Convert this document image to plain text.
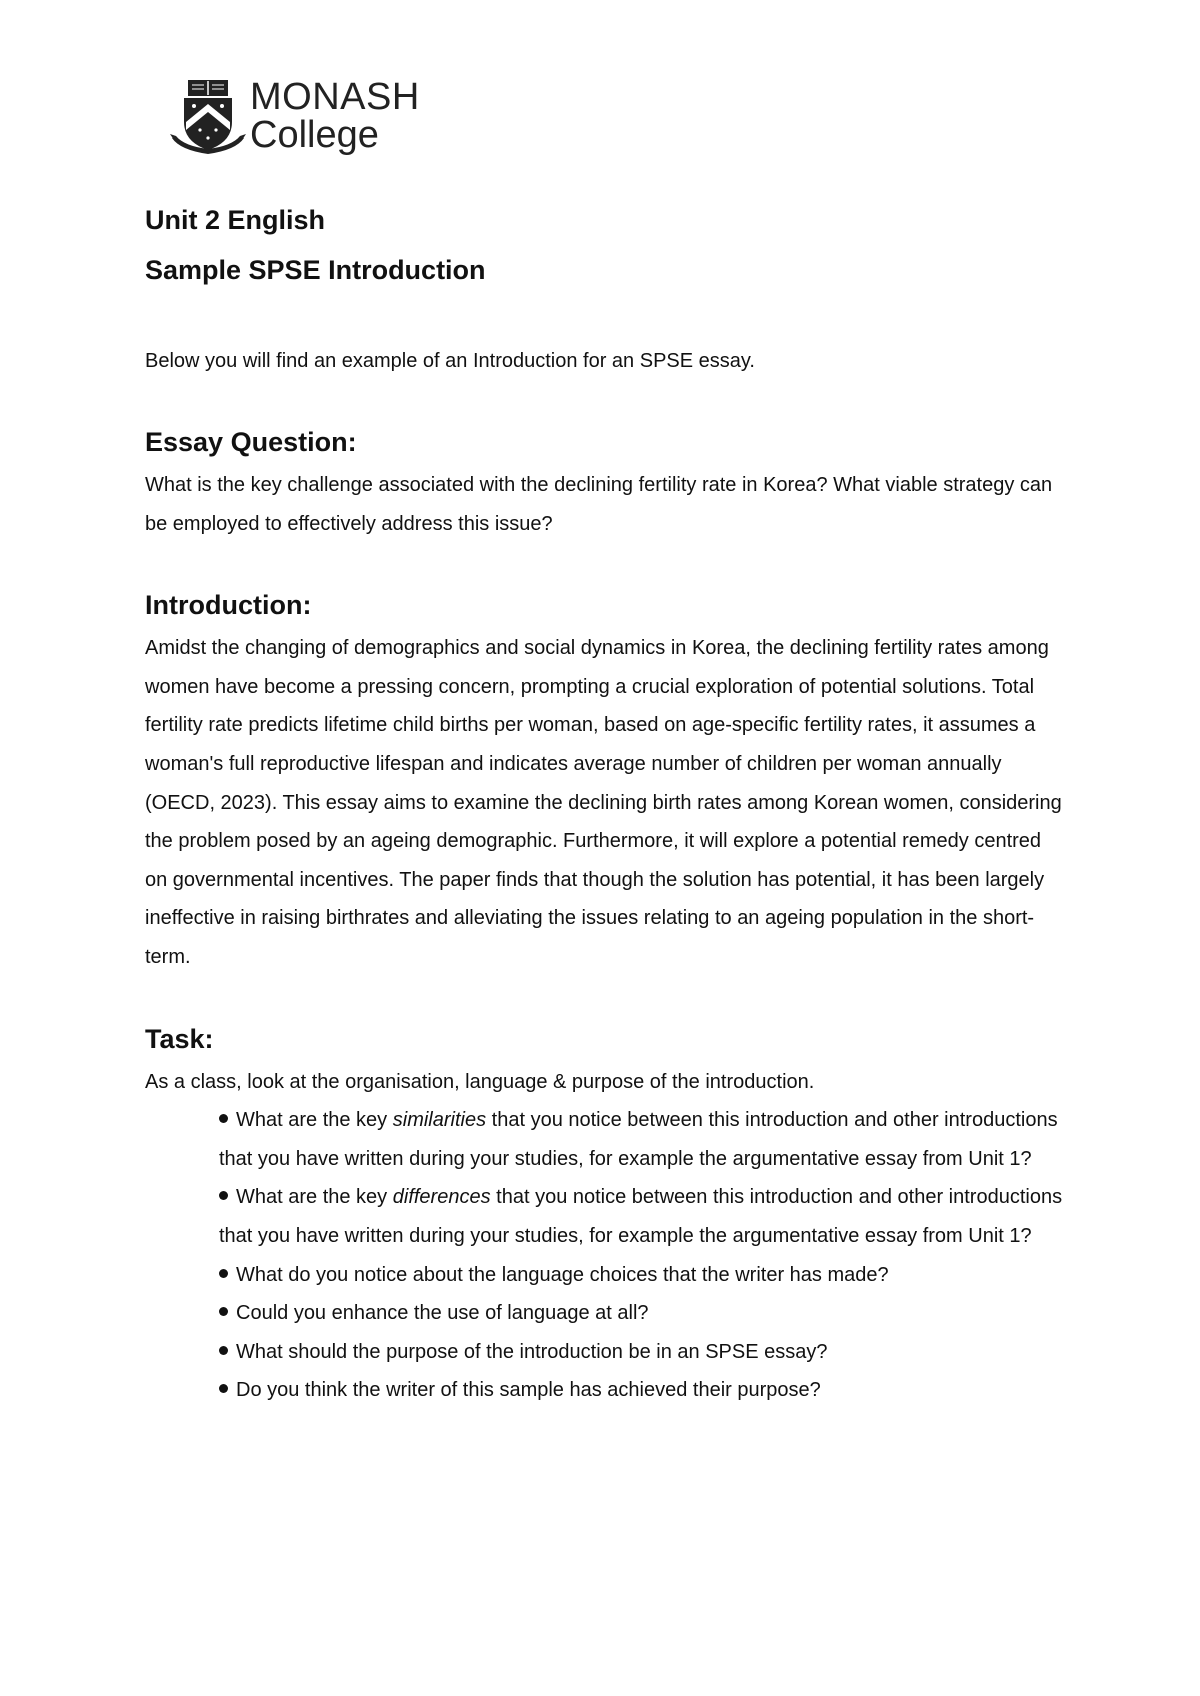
MONASH
College
Unit 2 English
Sample SPSE Introduction

Below you will find an example of an Introduction for an SPSE essay.

Essay Question:

What is the key challenge associated with the declining fertility rate in Korea? What viable strategy can be employed to effectively address this issue?

Introduction:

Amidst the changing of demographics and social dynamics in Korea, the declining fertility rates among women have become a pressing concern, prompting a crucial exploration of potential solutions. Total fertility rate predicts lifetime child births per woman, based on age-specific fertility rates, it assumes a woman's full reproductive lifespan and indicates average number of children per woman annually (OECD, 2023). This essay aims to examine the declining birth rates among Korean women, considering the problem posed by an ageing demographic. Furthermore, it will explore a potential remedy centred on governmental incentives. The paper finds that though the solution has potential, it has been largely ineffective in raising birthrates and alleviating the issues relating to an ageing population in the short-term.

Task:

As a class, look at the organisation, language & purpose of the introduction.

What are the key similarities that you notice between this introduction and other introductions that you have written during your studies, for example the argumentative essay from Unit 1?
What are the key differences that you notice between this introduction and other introductions that you have written during your studies, for example the argumentative essay from Unit 1?
What do you notice about the language choices that the writer has made?
Could you enhance the use of language at all?
What should the purpose of the introduction be in an SPSE essay?
Do you think the writer of this sample has achieved their purpose?
